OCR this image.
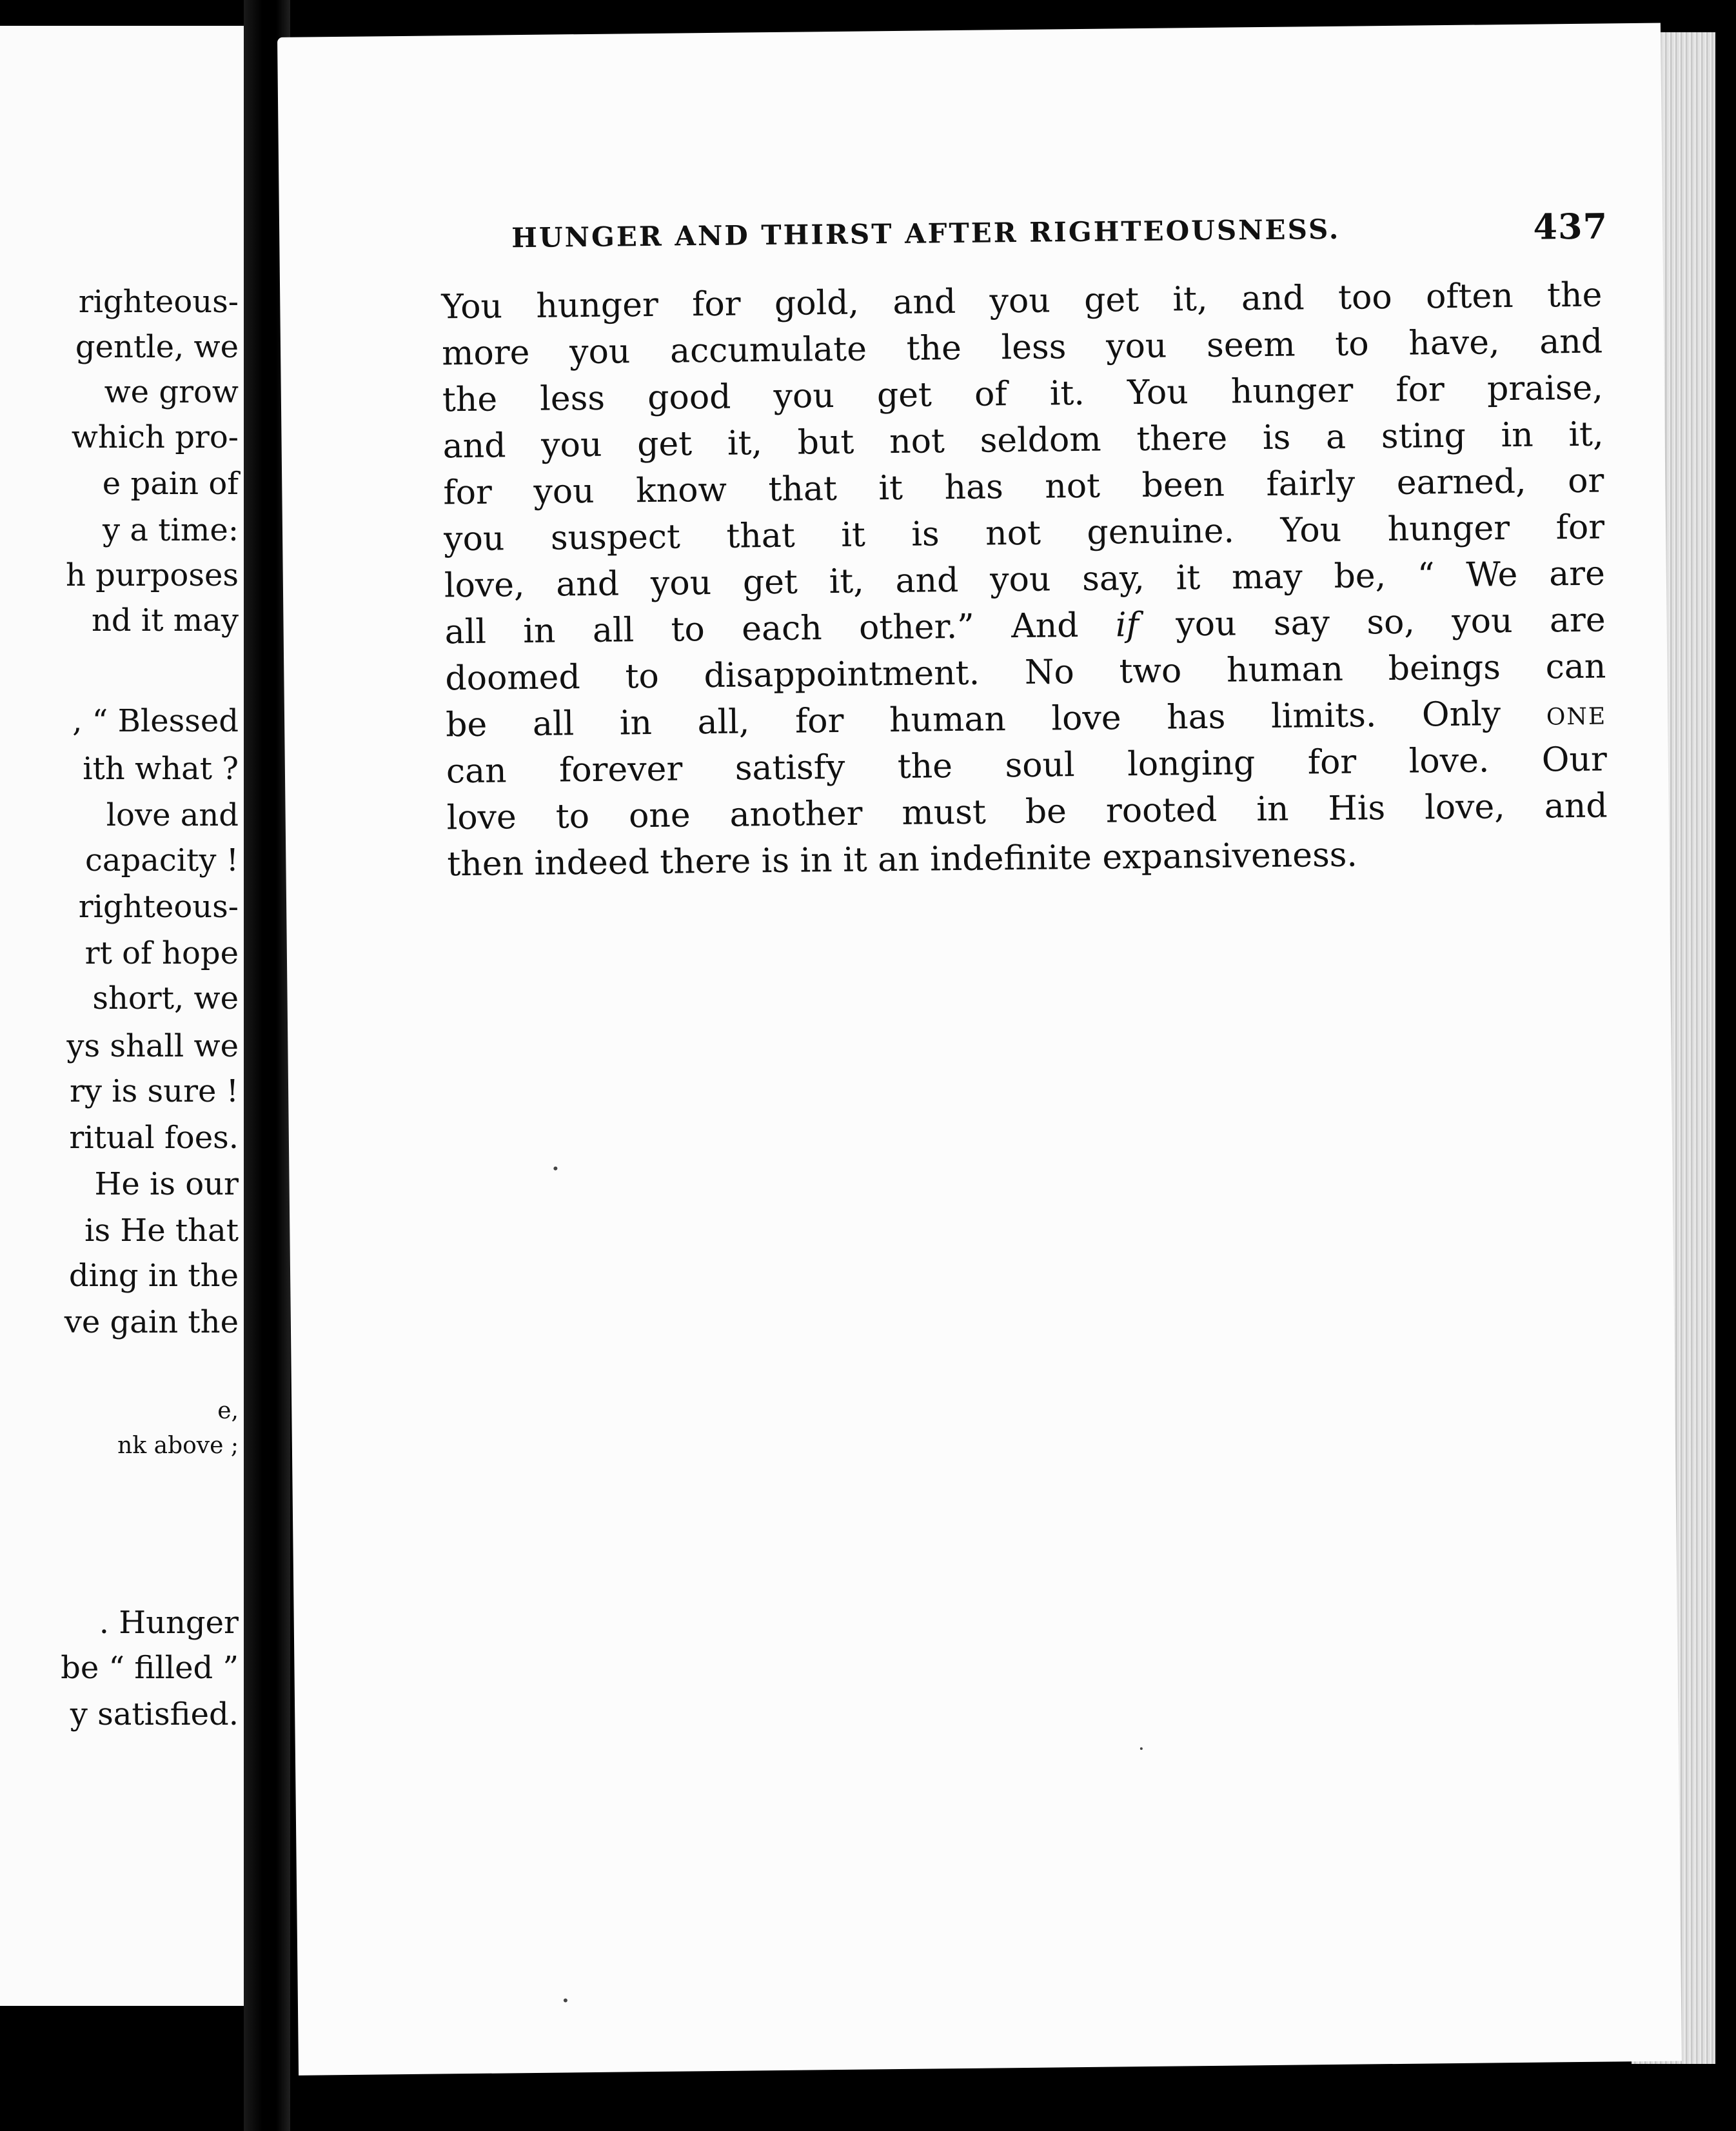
righteous-
gentle, we
we grow
which pro-
e pain of
y a time:
h purposes
nd it may
, “ Blessed
ith what ?
love and
capacity !
righteous-
rt of hope
short, we
ys shall we
ry is sure !
ritual foes.
He is our
is He that
ding in the
ve gain the
e,
nk above ;
. Hunger
be “ filled ”
y satisfied.
HUNGER AND THIRST AFTER RIGHTEOUSNESS.	437
You hunger for gold, and you get it, and too often the
more you accumulate the less you seem to have, and
the less good you get of it. You hunger for praise,
and you get it, but not seldom there is a sting in it,
for you know that it has not been fairly earned, or
you suspect that it is not genuine. You hunger for
love, and you get it, and you say, it may be, “ We are
all in all to each other.” And if you say so, you are
doomed to disappointment. No two human beings can
be all in all, for human love has limits. Only one
can forever satisfy the soul longing for love. Our
love to one another must be rooted in His love, and
then indeed there is in it an indefinite expansiveness.
